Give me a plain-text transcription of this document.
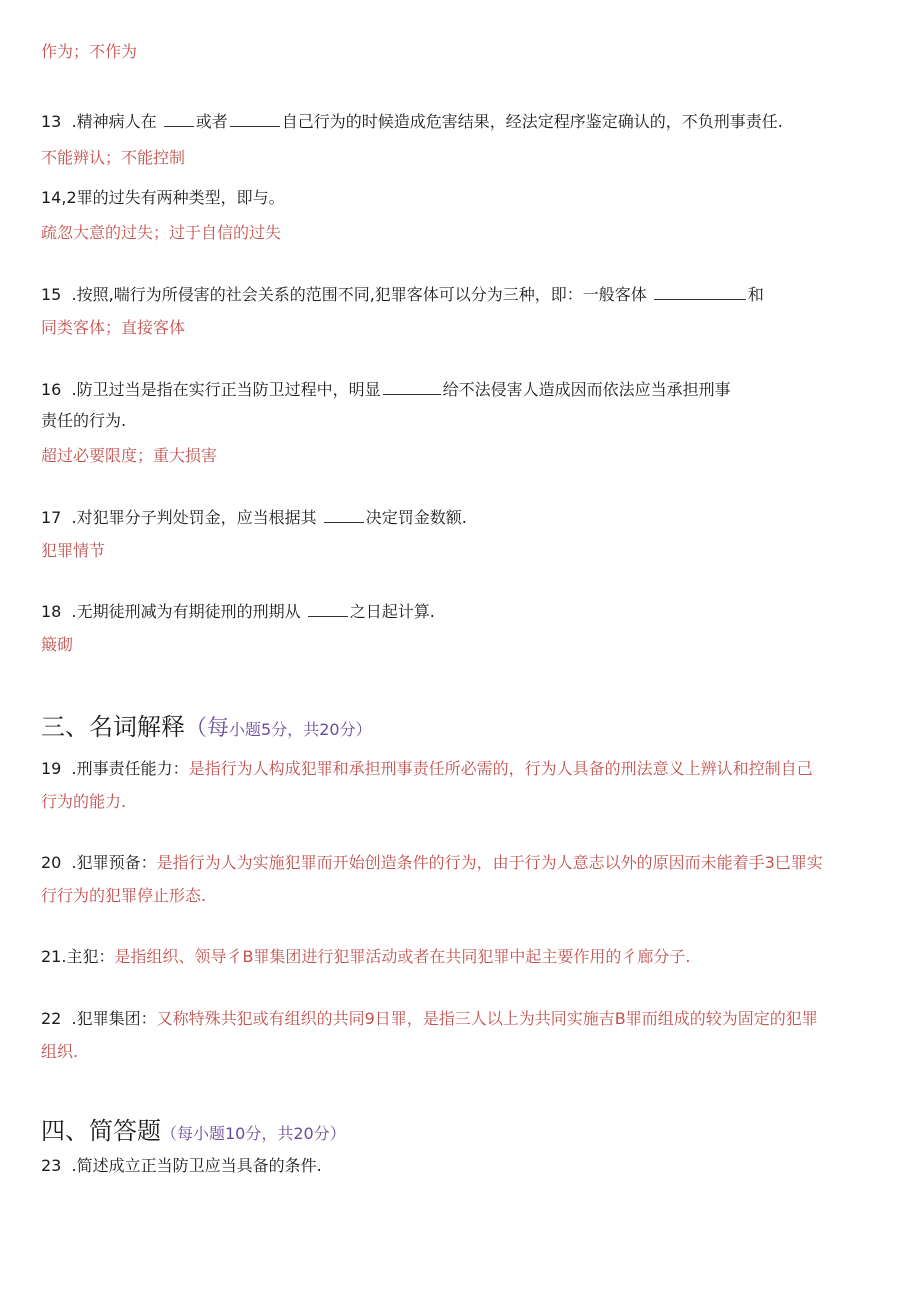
作为；不作为
13 .精神病人在 或者	自己行为的时候造成危害结果，经法定程序鉴定确认的，不负刑事责任.
不能辨认；不能控制
14,2罪的过失有两种类型，即与。
疏忽大意的过失；过于自信的过失
15 .按照,喘行为所侵害的社会关系的范围不同,犯罪客体可以分为三种，即：一般客体	和
同类客体；直接客体
16 .防卫过当是指在实行正当防卫过程中，明显	给不法侵害人造成因而依法应当承担刑事
责任的行为.
超过必要限度；重大损害
17 .对犯罪分子判处罚金，应当根据其	决定罚金数额.
犯罪情节
18 .无期徒刑减为有期徒刑的刑期从	之日起计算.
簸砌
三、名词解释（每小题5分，共20分）
19 .刑事责任能力：是指行为人构成犯罪和承担刑事责任所必需的，行为人具备的刑法意义上辨认和控制自己
行为的能力.
20 .犯罪预备：是指行为人为实施犯罪而开始创造条件的行为，由于行为人意志以外的原因而未能着手3巳罪实
行行为的犯罪停止形态.
21.主犯：是指组织、领导彳B罪集团进行犯罪活动或者在共同犯罪中起主要作用的彳廊分子.
22 .犯罪集团：又称特殊共犯或有组织的共同9日罪，是指三人以上为共同实施吉B罪而组成的较为固定的犯罪
组织.
四、简答题（每小题10分，共20分）
23 .简述成立正当防卫应当具备的条件.
